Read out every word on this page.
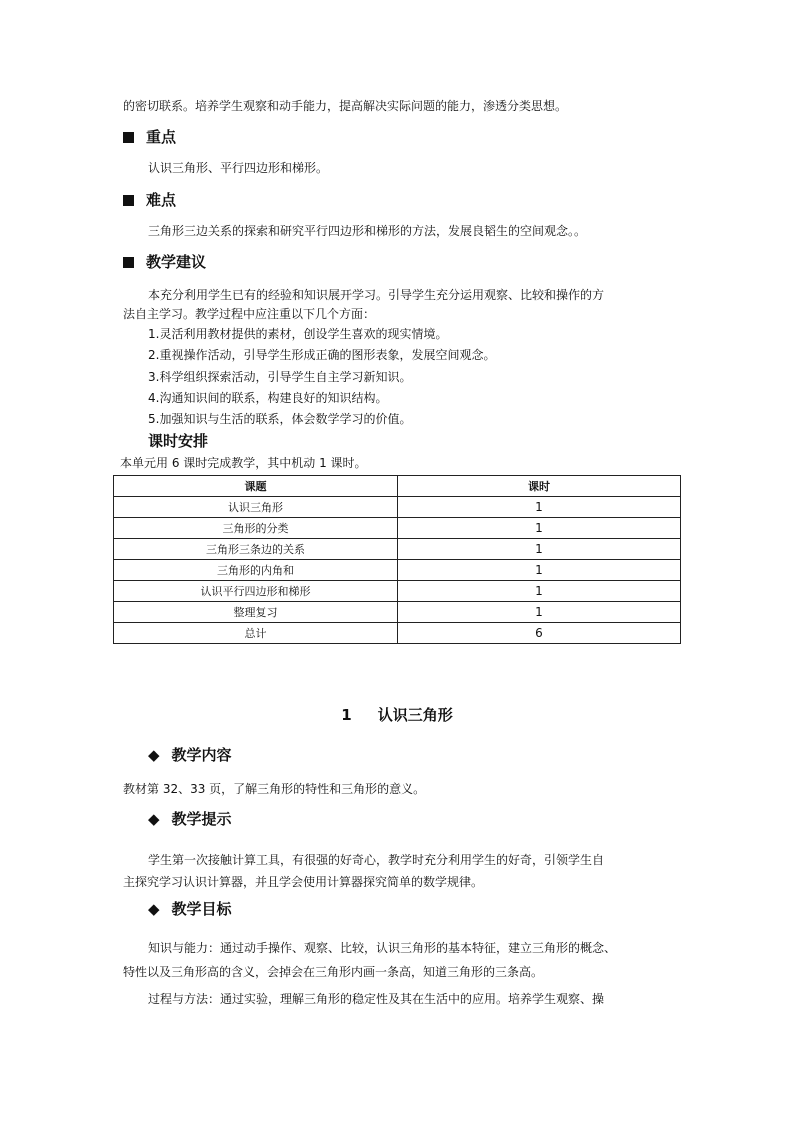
的密切联系。培养学生观察和动手能力，提高解决实际问题的能力，渗透分类思想。
重点
认识三角形、平行四边形和梯形。
难点
三角形三边关系的探索和研究平行四边形和梯形的方法，发展良韬生的空间观念。。
教学建议
本充分利用学生已有的经验和知识展开学习。引导学生充分运用观察、比较和操作的方
法自主学习。教学过程中应注重以下几个方面：
1.灵活利用教材提供的素材，创设学生喜欢的现实情境。
2.重视操作活动，引导学生形成正确的图形表象，发展空间观念。
3.科学组织探索活动，引导学生自主学习新知识。
4.沟通知识间的联系，构建良好的知识结构。
5.加强知识与生活的联系，体会数学学习的价值。
课时安排
本单元用 6 课时完成教学，其中机动 1 课时。
课题	课时
认识三角形	1
三角形的分类	1
三角形三条边的关系	1
三角形的内角和	1
认识平行四边形和梯形	1
整理复习	1
总计	6
1 认识三角形
◆ 教学内容
教材第 32、33 页，了解三角形的特性和三角形的意义。
◆ 教学提示
学生第一次接触计算工具，有很强的好奇心，教学时充分利用学生的好奇，引领学生自
主探究学习认识计算器，并且学会使用计算器探究简单的数学规律。
◆ 教学目标
知识与能力：通过动手操作、观察、比较，认识三角形的基本特征，建立三角形的概念、
特性以及三角形高的含义，会掉会在三角形内画一条高，知道三角形的三条高。
过程与方法：通过实验，理解三角形的稳定性及其在生活中的应用。培养学生观察、操
